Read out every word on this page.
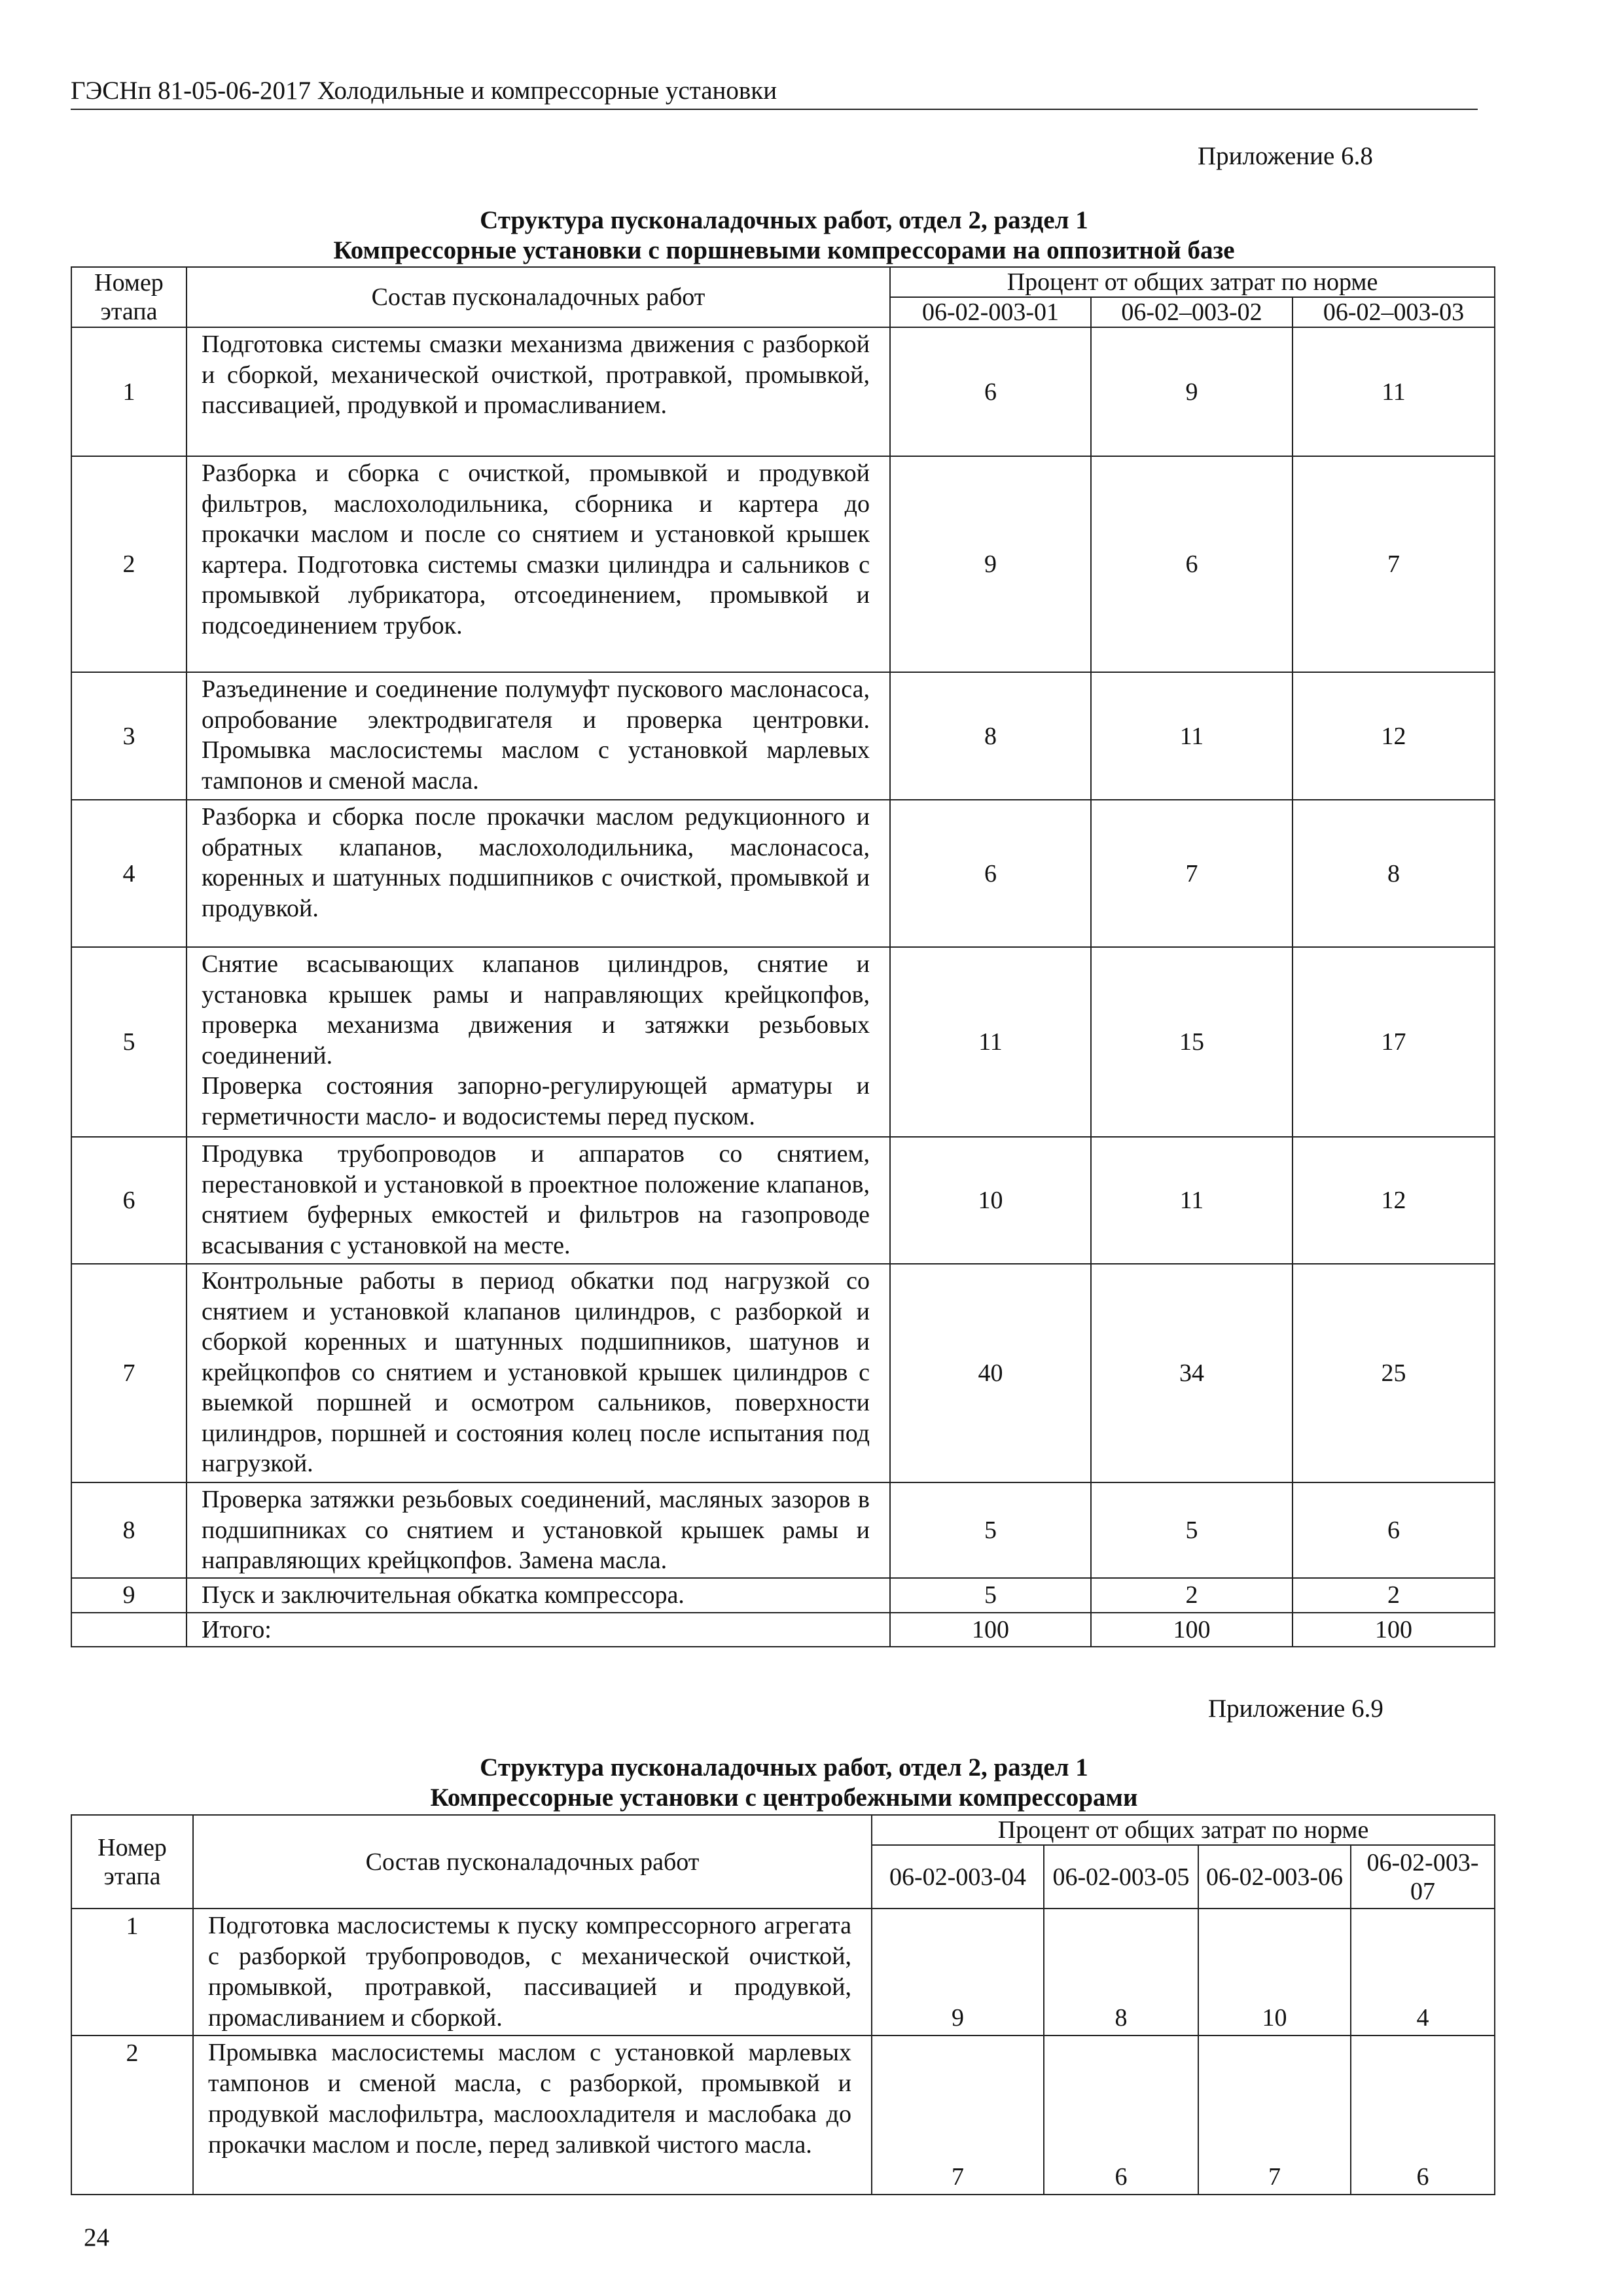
ГЭСНп 81-05-06-2017 Холодильные и компрессорные установки
Приложение 6.8
Структура пусконаладочных работ, отдел 2, раздел 1
Компрессорные установки с поршневыми компрессорами на оппозитной базе
Номер этапа	Состав пусконаладочных работ	Процент от общих затрат по норме		
		06-02-003-01	06-02–003-02	06-02–003-03
1	Подготовка системы смазки механизма движения с разборкой и сборкой, механической очисткой, протравкой, промывкой, пассивацией, продувкой и промасливанием.	6	9	11
2	Разборка и сборка с очисткой, промывкой и продувкой фильтров, маслохолодильника, сборника и картера до прокачки маслом и после со снятием и установкой крышек картера. Подготовка системы смазки цилиндра и сальников с промывкой лубрикатора, отсоединением, промывкой и подсоединением трубок.	9	6	7
3	Разъединение и соединение полумуфт пускового маслонасоса, опробование электродвигателя и проверка центровки. Промывка маслосистемы маслом с установкой марлевых тампонов и сменой масла.	8	11	12
4	Разборка и сборка после прокачки маслом редукционного и обратных клапанов, маслохолодильника, маслонасоса, коренных и шатунных подшипников с очисткой, промывкой и продувкой.	6	7	8
5	Снятие всасывающих клапанов цилиндров, снятие и установка крышек рамы и направляющих крейцкопфов, проверка механизма движения и затяжки резьбовых соединений.
Проверка состояния запорно-регулирующей арматуры и герметичности масло- и водосистемы перед пуском.	11	15	17
6	Продувка трубопроводов и аппаратов со снятием, перестановкой и установкой в проектное положение клапанов, снятием буферных емкостей и фильтров на газопроводе всасывания с установкой на месте.	10	11	12
7	Контрольные работы в период обкатки под нагрузкой со снятием и установкой клапанов цилиндров, с разборкой и сборкой коренных и шатунных подшипников, шатунов и крейцкопфов со снятием и установкой крышек цилиндров с выемкой поршней и осмотром сальников, поверхности цилиндров, поршней и состояния колец после испытания под нагрузкой.	40	34	25
8	Проверка затяжки резьбовых соединений, масляных зазоров в подшипниках со снятием и установкой крышек рамы и направляющих крейцкопфов. Замена масла.	5	5	6
9	Пуск и заключительная обкатка компрессора.	5	2	2
	Итого:	100	100	100
Приложение 6.9
Структура пусконаладочных работ, отдел 2, раздел 1
Компрессорные установки с центробежными компрессорами
Номер этапа	Состав пусконаладочных работ	Процент от общих затрат по норме			
		06-02-003-04	06-02-003-05	06-02-003-06	06-02-003-07
1	Подготовка маслосистемы к пуску компрессорного агрегата с разборкой трубопроводов, с механической очисткой, промывкой, протравкой, пассивацией и продувкой, промасливанием и сборкой.	9	8	10	4
2	Промывка маслосистемы маслом с установкой марлевых тампонов и сменой масла, с разборкой, промывкой и продувкой маслофильтра, маслоохладителя и маслобака до прокачки маслом и после, перед заливкой чистого масла.	7	6	7	6
24
